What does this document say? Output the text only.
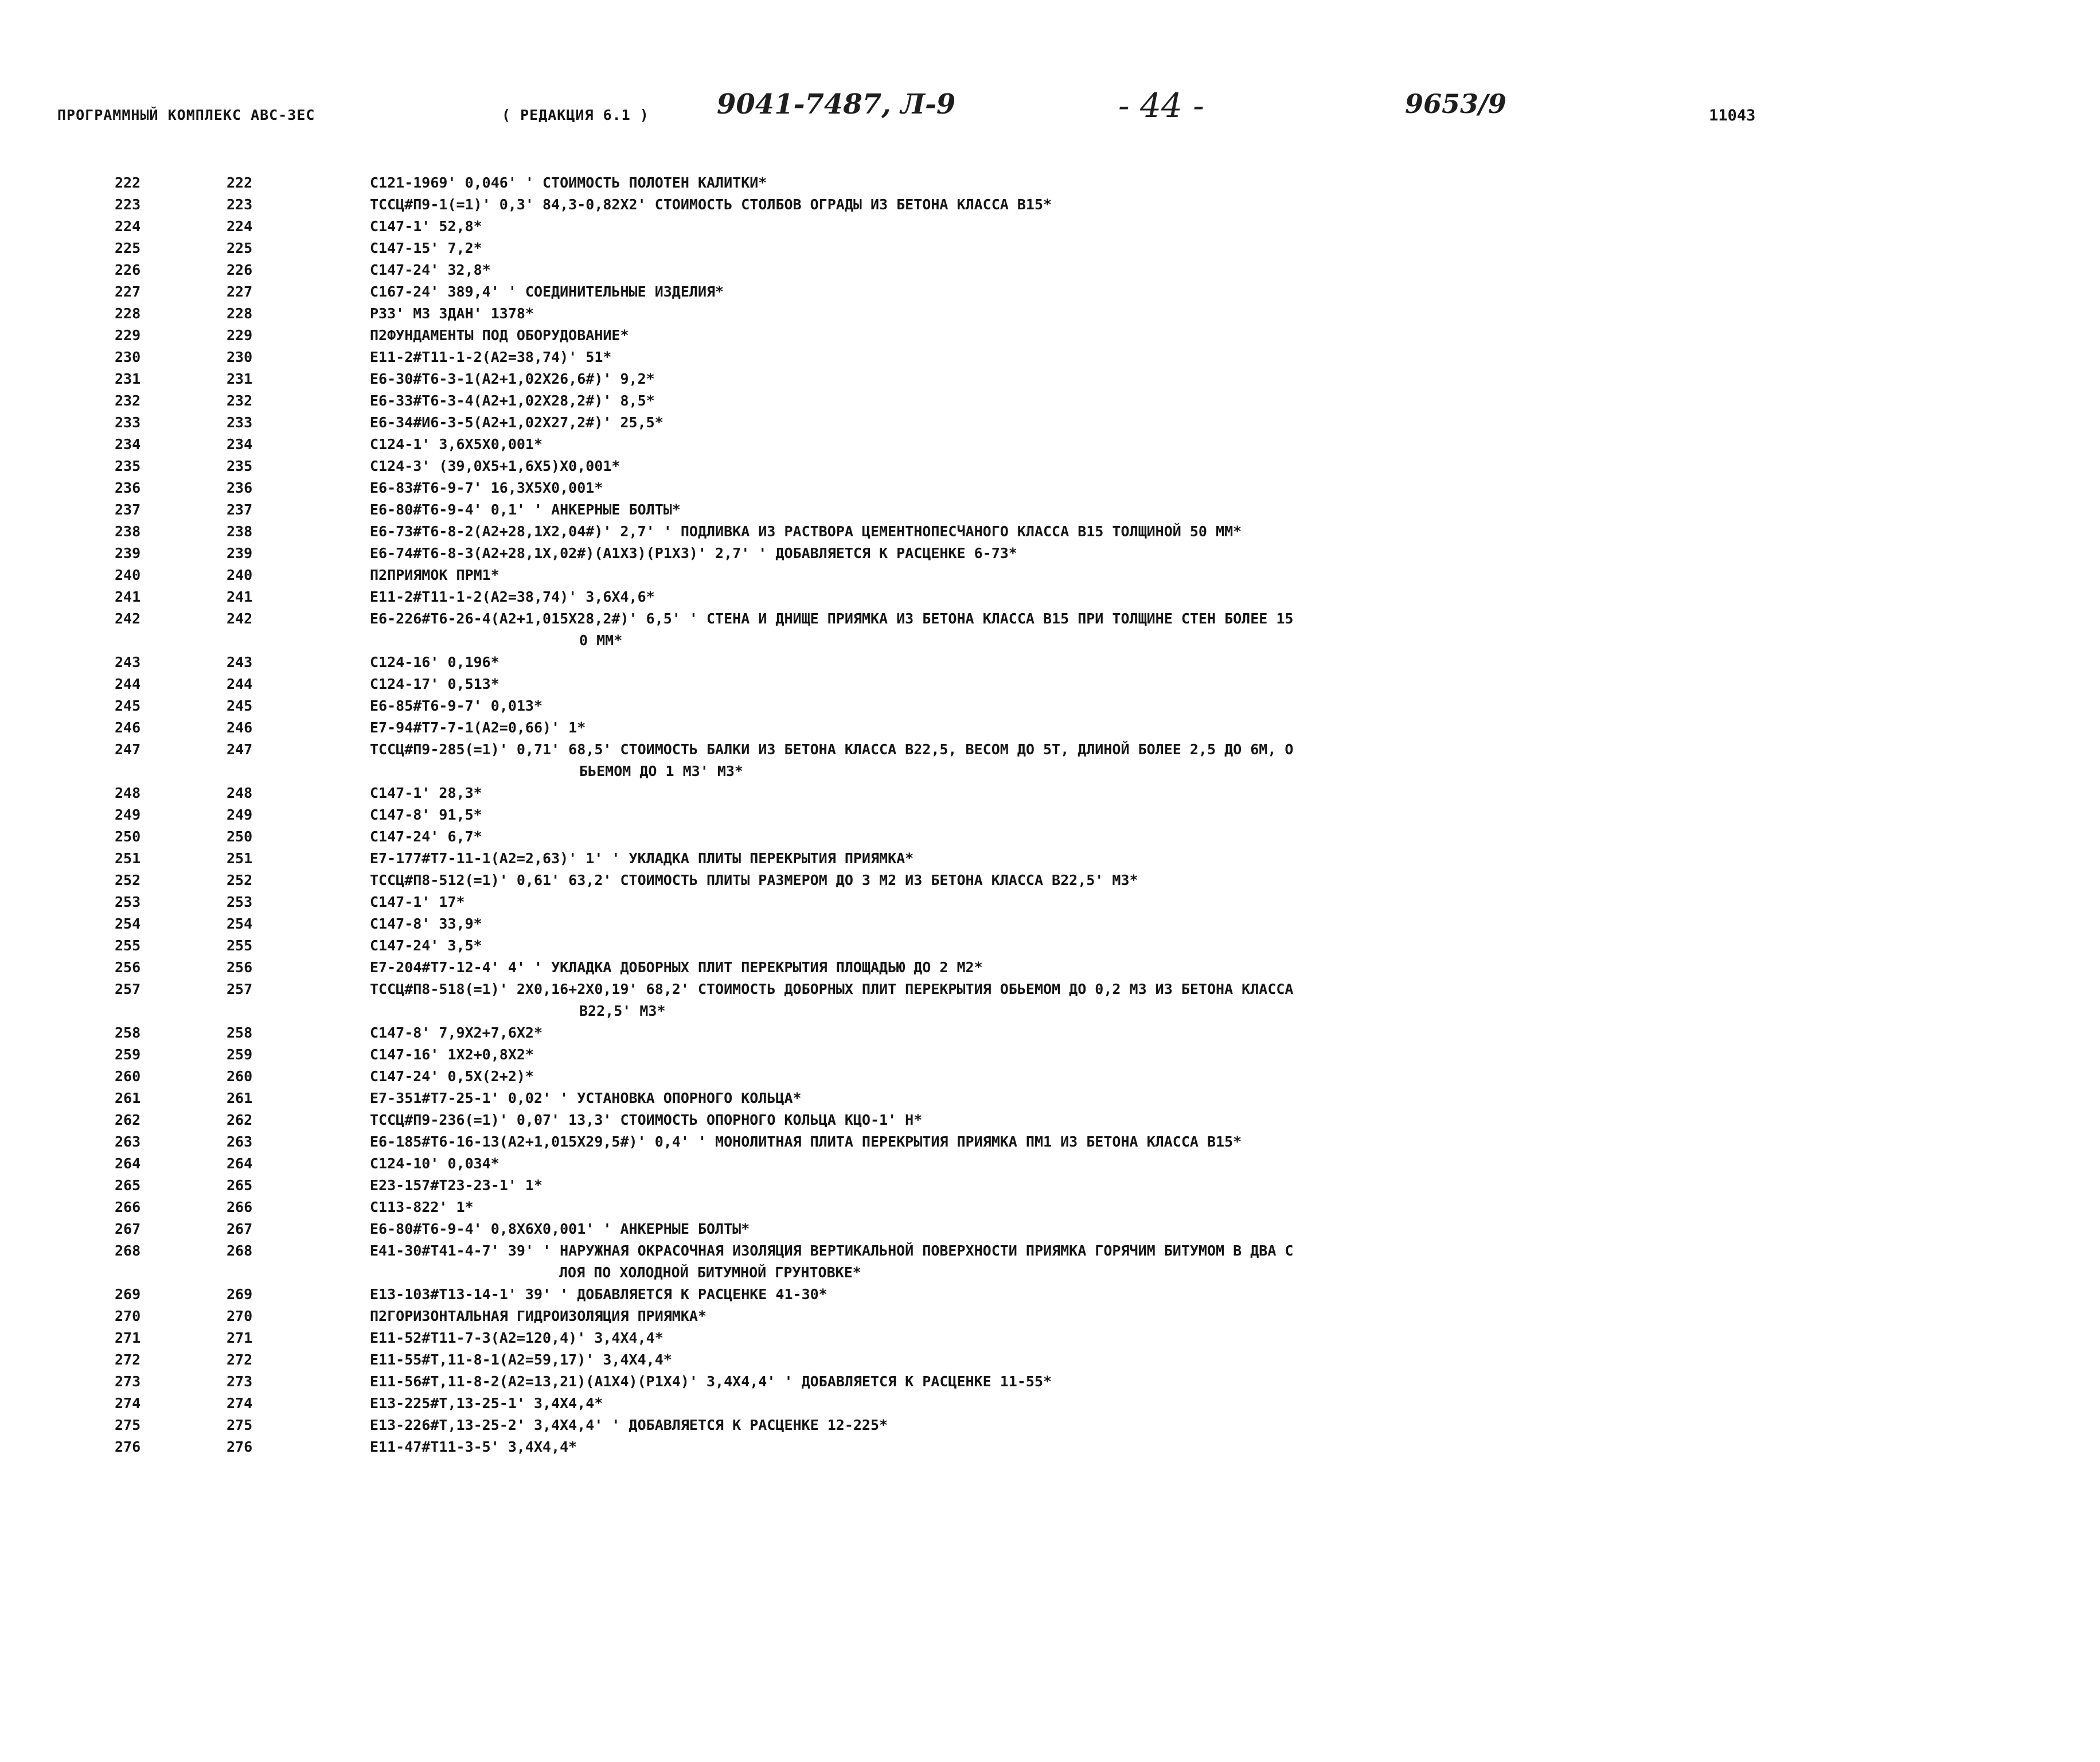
ПРОГРАММНЫЙ КОМПЛЕКС АВС-3ЕС	( РЕДАКЦИЯ 6.1 ) 9041-7487, Л-9	- 44 -	9653/9	11043
222	222	С121-1969' 0,046' ' СТОИМОСТЬ ПОЛОТЕН КАЛИТКИ*
223	223	ТССЦ#П9-1(=1)' 0,3' 84,3-0,82Х2' СТОИМОСТЬ СТОЛБОВ ОГРАДЫ ИЗ БЕТОНА КЛАССА В15*
224	224	С147-1' 52,8*
225	225	С147-15' 7,2*
226	226	С147-24' 32,8*
227	227	С167-24' 389,4' ' СОЕДИНИТЕЛЬНЫЕ ИЗДЕЛИЯ*
228	228	РЗЗ' МЗ ЗДАН' 1378*
229	229	П2ФУНДАМЕНТЫ ПОД ОБОРУДОВАНИЕ*
230	230	Е11-2#Т11-1-2(А2=38,74)' 51*
231	231	Е6-30#Т6-3-1(А2+1,02Х26,6#)' 9,2*
232	232	Е6-33#Т6-3-4(А2+1,02Х28,2#)' 8,5*
233	233	Е6-34#И6-3-5(А2+1,02Х27,2#)' 25,5*
234	234	С124-1' 3,6Х5Х0,001*
235	235	С124-3' (39,0Х5+1,6Х5)Х0,001*
236	236	Е6-83#Т6-9-7' 16,3Х5Х0,001*
237	237	Е6-80#Т6-9-4' 0,1' ' АНКЕРНЫЕ БОЛТЫ*
238	238	Е6-73#Т6-8-2(А2+28,1Х2,04#)' 2,7' ' ПОДЛИВКА ИЗ РАСТВОРА ЦЕМЕНТНОПЕСЧАНОГО КЛАССА В15 ТОЛЩИНОЙ 50 ММ*
239	239	Е6-74#Т6-8-3(А2+28,1Х,02#)(А1Х3)(Р1Х3)' 2,7' ' ДОБАВЛЯЕТСЯ К РАСЦЕНКЕ 6-73*
240	240	П2ПРИЯМОК ПРМ1*
241	241	Е11-2#Т11-1-2(А2=38,74)' 3,6Х4,6*
242	242	Е6-226#Т6-26-4(А2+1,015Х28,2#)' 6,5' ' СТЕНА И ДНИЩЕ ПРИЯМКА ИЗ БЕТОНА КЛАССА В15 ПРИ ТОЛЩИНЕ СТЕН БОЛЕЕ 15
0 ММ*
243	243	С124-16' 0,196*
244	244	С124-17' 0,513*
245	245	Е6-85#Т6-9-7' 0,013*
246	246	Е7-94#Т7-7-1(А2=0,66)' 1*
247	247	ТССЦ#П9-285(=1)' 0,71' 68,5' СТОИМОСТЬ БАЛКИ ИЗ БЕТОНА КЛАССА В22,5, ВЕСОМ ДО 5Т, ДЛИНОЙ БОЛЕЕ 2,5 ДО 6М, О
БЬЕМОМ ДО 1 МЗ' МЗ*
248	248	С147-1' 28,3*
249	249	С147-8' 91,5*
250	250	С147-24' 6,7*
251	251	Е7-177#Т7-11-1(А2=2,63)' 1' ' УКЛАДКА ПЛИТЫ ПЕРЕКРЫТИЯ ПРИЯМКА*
252	252	ТССЦ#П8-512(=1)' 0,61' 63,2' СТОИМОСТЬ ПЛИТЫ РАЗМЕРОМ ДО 3 М2 ИЗ БЕТОНА КЛАССА В22,5' МЗ*
253	253	С147-1' 17*
254	254	С147-8' 33,9*
255	255	С147-24' 3,5*
256	256	Е7-204#Т7-12-4' 4' ' УКЛАДКА ДОБОРНЫХ ПЛИТ ПЕРЕКРЫТИЯ ПЛОЩАДЬЮ ДО 2 М2*
257	257	ТССЦ#П8-518(=1)' 2Х0,16+2Х0,19' 68,2' СТОИМОСТЬ ДОБОРНЫХ ПЛИТ ПЕРЕКРЫТИЯ ОБЬЕМОМ ДО 0,2 МЗ ИЗ БЕТОНА КЛАССА
В22,5' МЗ*
258	258	С147-8' 7,9Х2+7,6Х2*
259	259	С147-16' 1Х2+0,8Х2*
260	260	С147-24' 0,5Х(2+2)*
261	261	Е7-351#Т7-25-1' 0,02' ' УСТАНОВКА ОПОРНОГО КОЛЬЦА*
262	262	ТССЦ#П9-236(=1)' 0,07' 13,3' СТОИМОСТЬ ОПОРНОГО КОЛЬЦА КЦО-1' Н*
263	263	Е6-185#Т6-16-13(А2+1,015Х29,5#)' 0,4' ' МОНОЛИТНАЯ ПЛИТА ПЕРЕКРЫТИЯ ПРИЯМКА ПМ1 ИЗ БЕТОНА КЛАССА В15*
264	264	С124-10' 0,034*
265	265	Е23-157#Т23-23-1' 1*
266	266	С113-822' 1*
267	267	Е6-80#Т6-9-4' 0,8Х6Х0,001' ' АНКЕРНЫЕ БОЛТЫ*
268	268	Е41-30#Т41-4-7' 39' ' НАРУЖНАЯ ОКРАСОЧНАЯ ИЗОЛЯЦИЯ ВЕРТИКАЛЬНОЙ ПОВЕРХНОСТИ ПРИЯМКА ГОРЯЧИМ БИТУМОМ В ДВА С
ЛОЯ ПО ХОЛОДНОЙ БИТУМНОЙ ГРУНТОВКЕ*
269	269	Е13-103#Т13-14-1' 39' ' ДОБАВЛЯЕТСЯ К РАСЦЕНКЕ 41-30*
270	270	П2ГОРИЗОНТАЛЬНАЯ ГИДРОИЗОЛЯЦИЯ ПРИЯМКА*
271	271	Е11-52#Т11-7-3(А2=120,4)' 3,4Х4,4*
272	272	Е11-55#Т,11-8-1(А2=59,17)' 3,4Х4,4*
273	273	Е11-56#Т,11-8-2(А2=13,21)(А1Х4)(Р1Х4)' 3,4Х4,4' ' ДОБАВЛЯЕТСЯ К РАСЦЕНКЕ 11-55*
274	274	Е13-225#Т,13-25-1' 3,4Х4,4*
275	275	Е13-226#Т,13-25-2' 3,4Х4,4' ' ДОБАВЛЯЕТСЯ К РАСЦЕНКЕ 12-225*
276	276	Е11-47#Т11-3-5' 3,4Х4,4*
